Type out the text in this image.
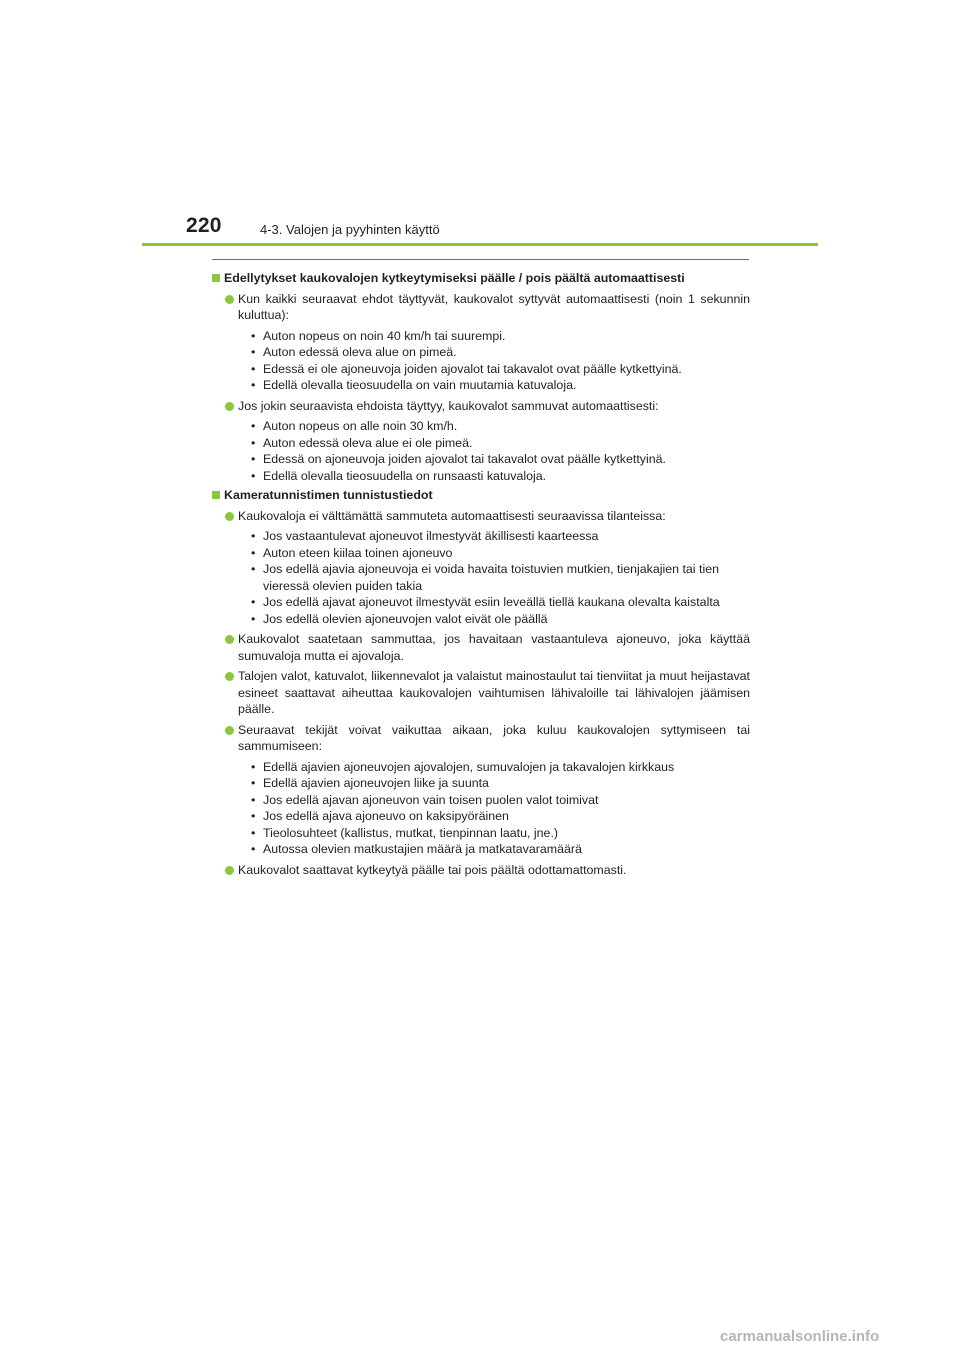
220	4-3. Valojen ja pyyhinten käyttö
Edellytykset kaukovalojen kytkeytymiseksi päälle / pois päältä automaattisesti
Kun kaikki seuraavat ehdot täyttyvät, kaukovalot syttyvät automaattisesti (noin 1 sekunnin kuluttua):
• Auton nopeus on noin 40 km/h tai suurempi.
• Auton edessä oleva alue on pimeä.
• Edessä ei ole ajoneuvoja joiden ajovalot tai takavalot ovat päälle kytkettyinä.
• Edellä olevalla tieosuudella on vain muutamia katuvaloja.
Jos jokin seuraavista ehdoista täyttyy, kaukovalot sammuvat automaattisesti:
• Auton nopeus on alle noin 30 km/h.
• Auton edessä oleva alue ei ole pimeä.
• Edessä on ajoneuvoja joiden ajovalot tai takavalot ovat päälle kytkettyinä.
• Edellä olevalla tieosuudella on runsaasti katuvaloja.
Kameratunnistimen tunnistustiedot
Kaukovaloja ei välttämättä sammuteta automaattisesti seuraavissa tilanteissa:
• Jos vastaantulevat ajoneuvot ilmestyvät äkillisesti kaarteessa
• Auton eteen kiilaa toinen ajoneuvo
• Jos edellä ajavia ajoneuvoja ei voida havaita toistuvien mutkien, tienjakajien tai tien vieressä olevien puiden takia
• Jos edellä ajavat ajoneuvot ilmestyvät esiin leveällä tiellä kaukana olevalta kaistalta
• Jos edellä olevien ajoneuvojen valot eivät ole päällä
Kaukovalot saatetaan sammuttaa, jos havaitaan vastaantuleva ajoneuvo, joka käyttää sumuvaloja mutta ei ajovaloja.
Talojen valot, katuvalot, liikennevalot ja valaistut mainostaulut tai tienviitat ja muut heijastavat esineet saattavat aiheuttaa kaukovalojen vaihtumisen lähivaloille tai lähivalojen jäämisen päälle.
Seuraavat tekijät voivat vaikuttaa aikaan, joka kuluu kaukovalojen syttymiseen tai sammumiseen:
• Edellä ajavien ajoneuvojen ajovalojen, sumuvalojen ja takavalojen kirkkaus
• Edellä ajavien ajoneuvojen liike ja suunta
• Jos edellä ajavan ajoneuvon vain toisen puolen valot toimivat
• Jos edellä ajava ajoneuvo on kaksipyöräinen
• Tieolosuhteet (kallistus, mutkat, tienpinnan laatu, jne.)
• Autossa olevien matkustajien määrä ja matkatavaramäärä
Kaukovalot saattavat kytkeytyä päälle tai pois päältä odottamattomasti.
carmanualsonline.info
